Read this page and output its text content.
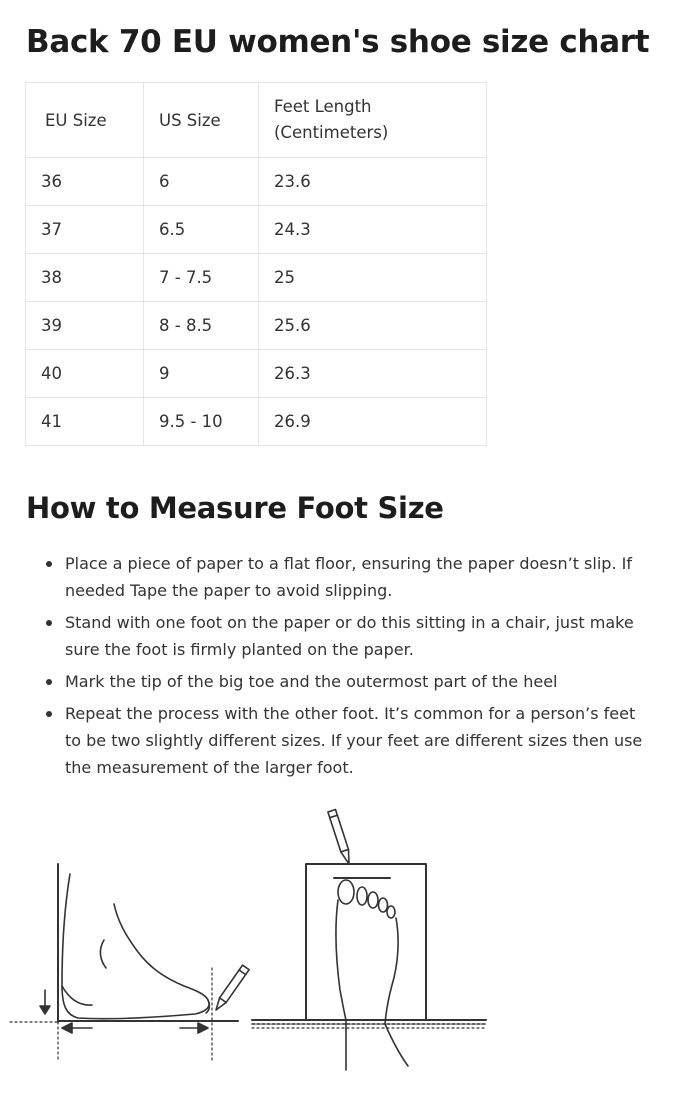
Back 70 EU women's shoe size chart
EU Size	US Size	Feet Length
(Centimeters)
36	6	23.6
37	6.5	24.3
38	7 - 7.5	25
39	8 - 8.5	25.6
40	9	26.3
41	9.5 - 10	26.9
How to Measure Foot Size
Place a piece of paper to a flat floor, ensuring the paper doesn’t slip. If needed Tape the paper to avoid slipping.
Stand with one foot on the paper or do this sitting in a chair, just make sure the foot is firmly planted on the paper.
Mark the tip of the big toe and the outermost part of the heel
Repeat the process with the other foot. It’s common for a person’s feet to be two slightly different sizes. If your feet are different sizes then use the measurement of the larger foot.
